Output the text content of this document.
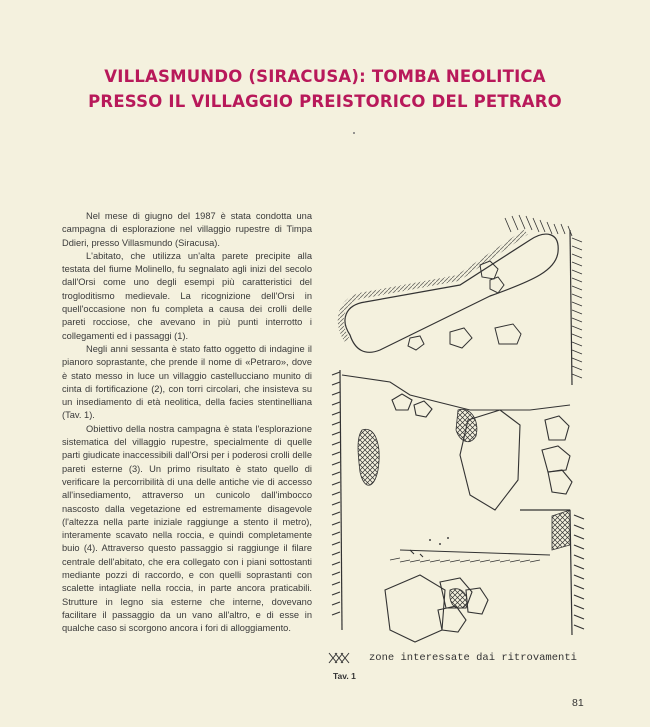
VILLASMUNDO (SIRACUSA): TOMBA NEOLITICA
PRESSO IL VILLAGGIO PREISTORICO DEL PETRARO

Nel mese di giugno del 1987 è stata condotta una campagna di esplorazione nel villaggio rupestre di Timpa Ddieri, presso Villasmundo (Siracusa).

L'abitato, che utilizza un'alta parete precipite alla testata del fiume Molinello, fu segnalato agli inizi del secolo dall'Orsi come uno degli esempi più caratteristici del trogloditismo medievale. La ricognizione dell'Orsi in quell'occasione non fu completa a causa dei crolli delle pareti rocciose, che avevano in più punti interrotto i collegamenti ed i passaggi (1).

Negli anni sessanta è stato fatto oggetto di indagine il pianoro soprastante, che prende il nome di «Petraro», dove è stato messo in luce un villaggio castellucciano munito di cinta di fortificazione (2), con torri circolari, che insisteva su un insediamento di età neolitica, della facies stentinelliana (Tav. 1).

Obiettivo della nostra campagna è stata l'esplorazione sistematica del villaggio rupestre, specialmente di quelle parti giudicate inaccessibili dall'Orsi per i poderosi crolli delle pareti esterne (3). Un primo risultato è stato quello di verificare la percorribilità di una delle antiche vie di accesso all'insediamento, attraverso un cunicolo dall'imbocco nascosto dalla vegetazione ed estremamente disagevole (l'altezza nella parte iniziale raggiunge a stento il metro), interamente scavato nella roccia, e quindi completamente buio (4). Attraverso questo passaggio si raggiunge il filare centrale dell'abitato, che era collegato con i piani sottostanti mediante pozzi di raccordo, e con quelli soprastanti con scalette intagliate nella roccia, in parte ancora praticabili. Strutture in legno sia esterne che interne, dovevano facilitare il passaggio da un vano all'altro, e di esse in qualche caso si scorgono ancora i fori di alloggiamento.

zone interessate dai ritrovamenti
Tav. 1
81
